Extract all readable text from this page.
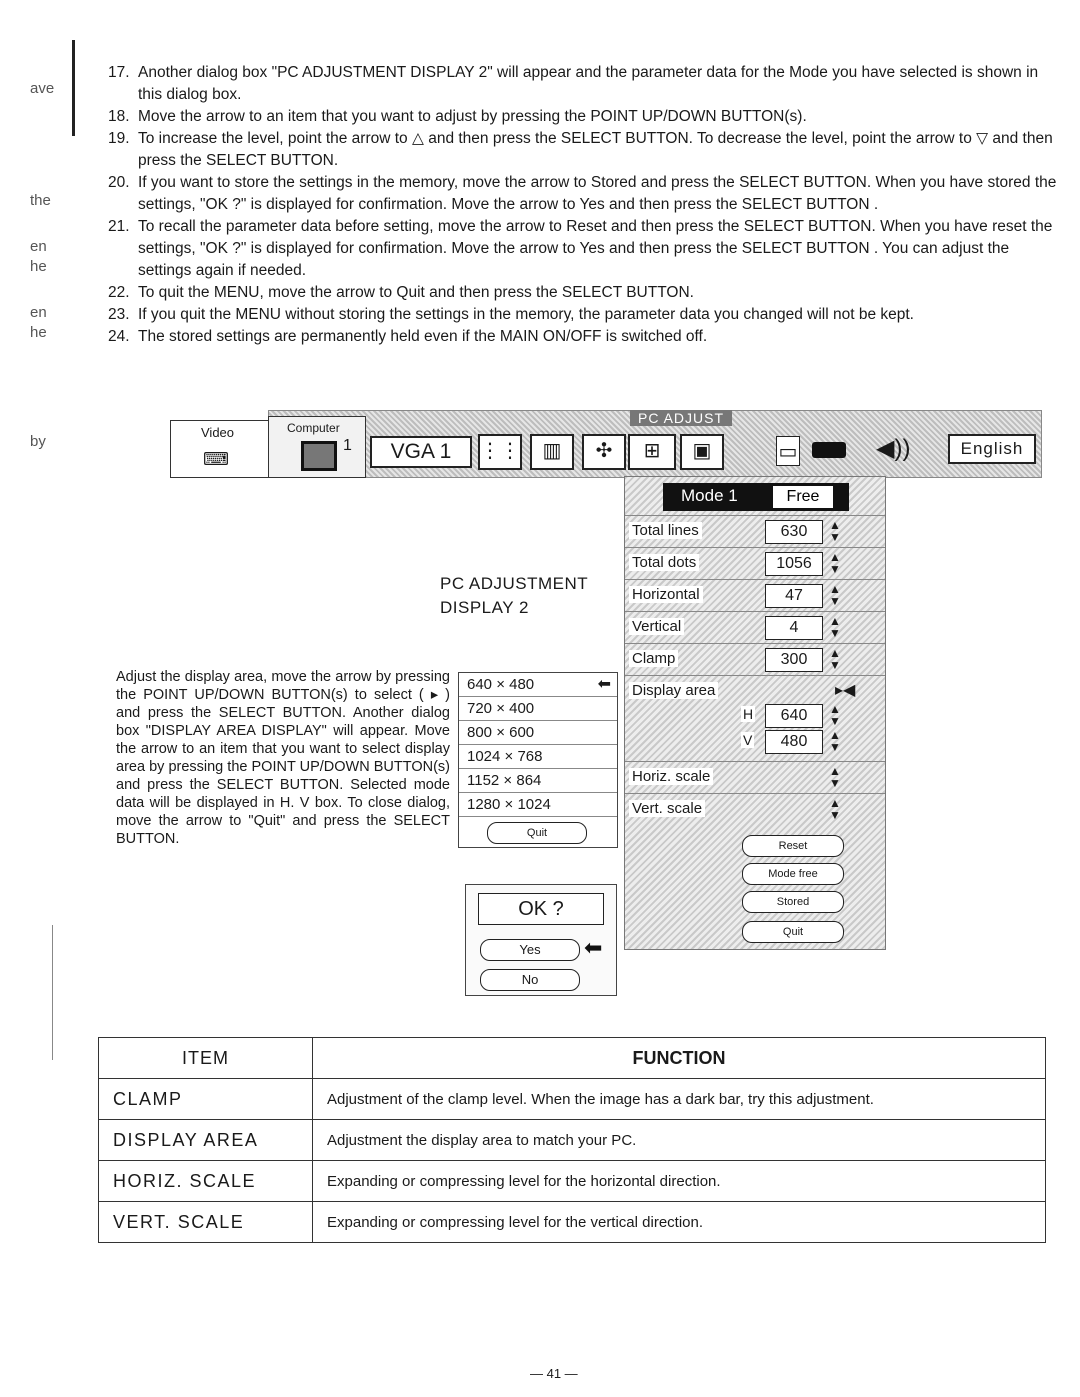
ave
the
en
he
en
he
by
17. Another dialog box "PC ADJUSTMENT DISPLAY 2" will appear and the parameter data for the Mode you have selected is shown in this dialog box.
18. Move the arrow to an item that you want to adjust by pressing the POINT UP/DOWN BUTTON(s).
19. To increase the level, point the arrow to △ and then press the SELECT BUTTON. To decrease the level, point the arrow to ▽ and then press the SELECT BUTTON.
20. If you want to store the settings in the memory, move the arrow to Stored and press the SELECT BUTTON. When you have stored the settings, "OK ?" is displayed for confirmation. Move the arrow to Yes and then press the SELECT BUTTON .
21. To recall the parameter data before setting, move the arrow to Reset and then press the SELECT BUTTON. When you have reset the settings, "OK ?" is displayed for confirmation. Move the arrow to Yes and then press the SELECT BUTTON . You can adjust the settings again if needed.
22. To quit the MENU, move the arrow to Quit and then press the SELECT BUTTON.
23. If you quit the MENU without storing the settings in the memory, the parameter data you changed will not be kept.
24. The stored settings are permanently held even if the MAIN ON/OFF is switched off.
Video
⌨
Computer
1	VGA 1	⋮⋮	▥	✣	⊞	▣
PC ADJUST
▭	◀))	English
Mode 1	Free
Total lines	630	▲
▼
Total dots	1056	▲
▼
Horizontal	47	▲
▼
Vertical	4	▲
▼
Clamp	300	▲
▼
Display area	▸◀
H	640	▲
▼
V	480	▲
▼
Horiz. scale	▲
▼
Vert. scale	▲
▼
Reset
Mode free
Stored
Quit
PC ADJUSTMENT
DISPLAY 2
Adjust the display area, move the arrow by pressing the POINT UP/DOWN BUTTON(s) to select ( ▸ ) and press the SELECT BUTTON. Another dialog box "DISPLAY AREA DISPLAY" will appear. Move the arrow to an item that you want to select display area by pressing the POINT UP/DOWN BUTTON(s) and press the SELECT BUTTON. Selected mode data will be displayed in H. V box. To close dialog, move the arrow to "Quit" and press the SELECT BUTTON.
640 × 480	⬅
720 × 400
800 × 600
1024 × 768
1152 × 864
1280 × 1024
Quit
OK ?
Yes	⬅
No
ITEM	FUNCTION
CLAMP	Adjustment of the clamp level. When the image has a dark bar, try this adjustment.
DISPLAY AREA	Adjustment the display area to match your PC.
HORIZ. SCALE	Expanding or compressing level for the horizontal direction.
VERT. SCALE	Expanding or compressing level for the vertical direction.
— 41 —
